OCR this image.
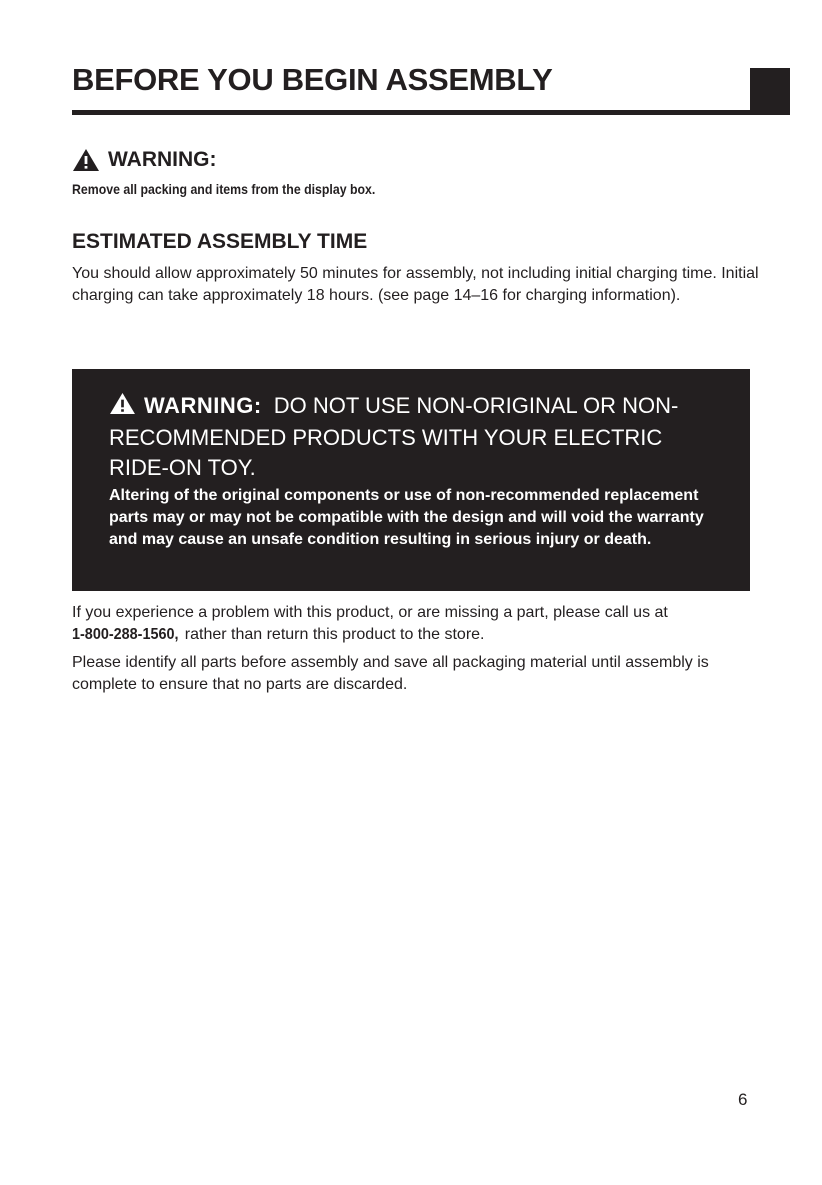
BEFORE YOU BEGIN ASSEMBLY
WARNING:

Remove all packing and items from the display box.

ESTIMATED ASSEMBLY TIME

You should allow approximately 50 minutes for assembly, not including initial charging time. Initial charging can take approximately 18 hours. (see page 14–16 for charging information).

WARNING: DO NOT USE NON-ORIGINAL OR NON-RECOMMENDED PRODUCTS WITH YOUR ELECTRIC RIDE-ON TOY.

Altering of the original components or use of non-recommended replacement parts may or may not be compatible with the design and will void the warranty and may cause an unsafe condition resulting in serious injury or death.

If you experience a problem with this product, or are missing a part, please call us at 1-800-288-1560, rather than return this product to the store.

Please identify all parts before assembly and save all packaging material until assembly is complete to ensure that no parts are discarded.

6
